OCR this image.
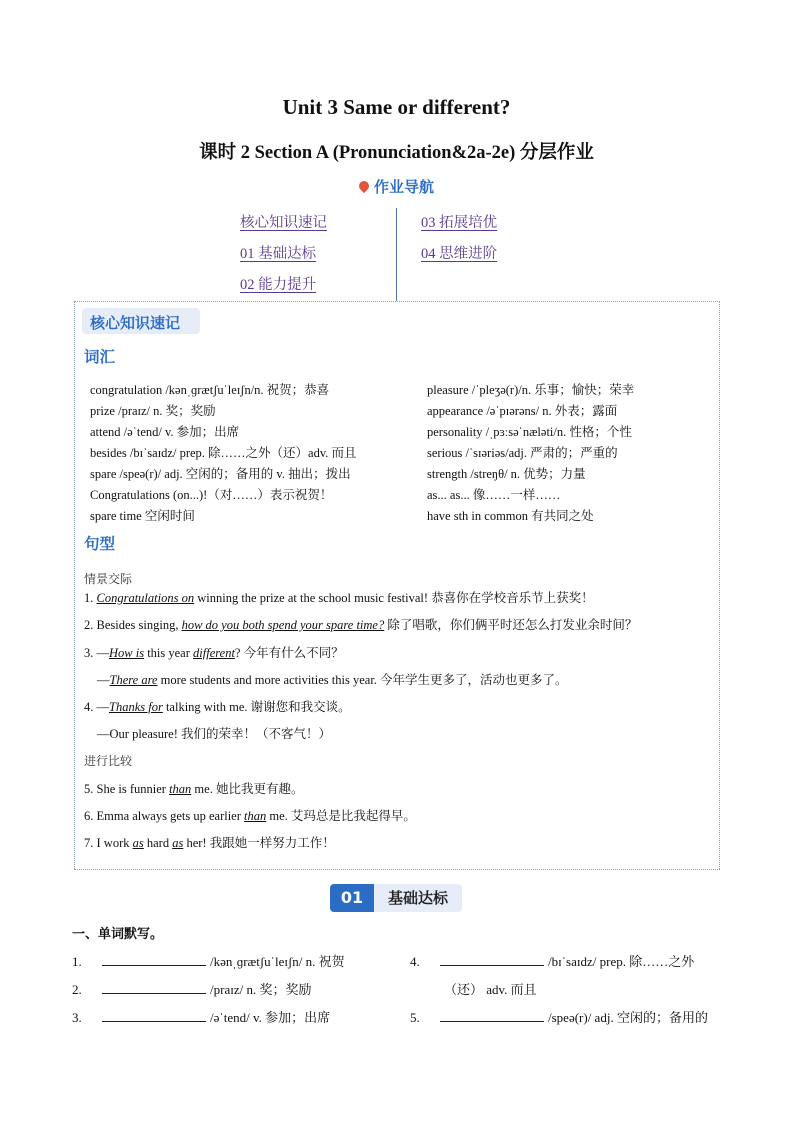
Unit 3 Same or different?
课时 2 Section A (Pronunciation&2a-2e) 分层作业
作业导航
核心知识速记
01 基础达标
02 能力提升
03 拓展培优
04 思维进阶
核心知识速记
词汇
congratulation /kənˌɡrætʃuˈleɪʃn/n. 祝贺；恭喜
prize /praɪz/ n. 奖；奖励
attend /əˈtend/ v. 参加；出席
besides /bɪˈsaɪdz/ prep. 除……之外（还）adv. 而且
spare /speə(r)/ adj. 空闲的；备用的 v. 抽出；拨出
Congratulations (on...)!（对……）表示祝贺！
spare time 空闲时间
pleasure /ˈpleʒə(r)/n. 乐事；愉快；荣幸
appearance /əˈpɪərəns/ n. 外表；露面
personality /ˌpɜːsəˈnæləti/n. 性格；个性
serious /ˈsɪəriəs/adj. 严肃的；严重的
strength /streŋθ/ n. 优势；力量
as... as... 像……一样……
have sth in common 有共同之处
句型
情景交际
1. Congratulations on winning the prize at the school music festival! 恭喜你在学校音乐节上获奖！
2. Besides singing, how do you both spend your spare time? 除了唱歌，你们俩平时还怎么打发业余时间？
3. —How is this year different? 今年有什么不同？
—There are more students and more activities this year. 今年学生更多了，活动也更多了。
4. —Thanks for talking with me. 谢谢您和我交谈。
—Our pleasure! 我们的荣幸！（不客气！）
进行比较
5. She is funnier than me. 她比我更有趣。
6. Emma always gets up earlier than me. 艾玛总是比我起得早。
7. I work as hard as her! 我跟她一样努力工作！
01	基础达标
一、单词默写。
1.	/kənˌɡrætʃuˈleɪʃn/ n. 祝贺
2.	/praɪz/ n. 奖；奖励
3.	/əˈtend/ v. 参加；出席
4.	/bɪˈsaɪdz/ prep. 除……之外
（还） adv. 而且
5.	/speə(r)/ adj. 空闲的；备用的
